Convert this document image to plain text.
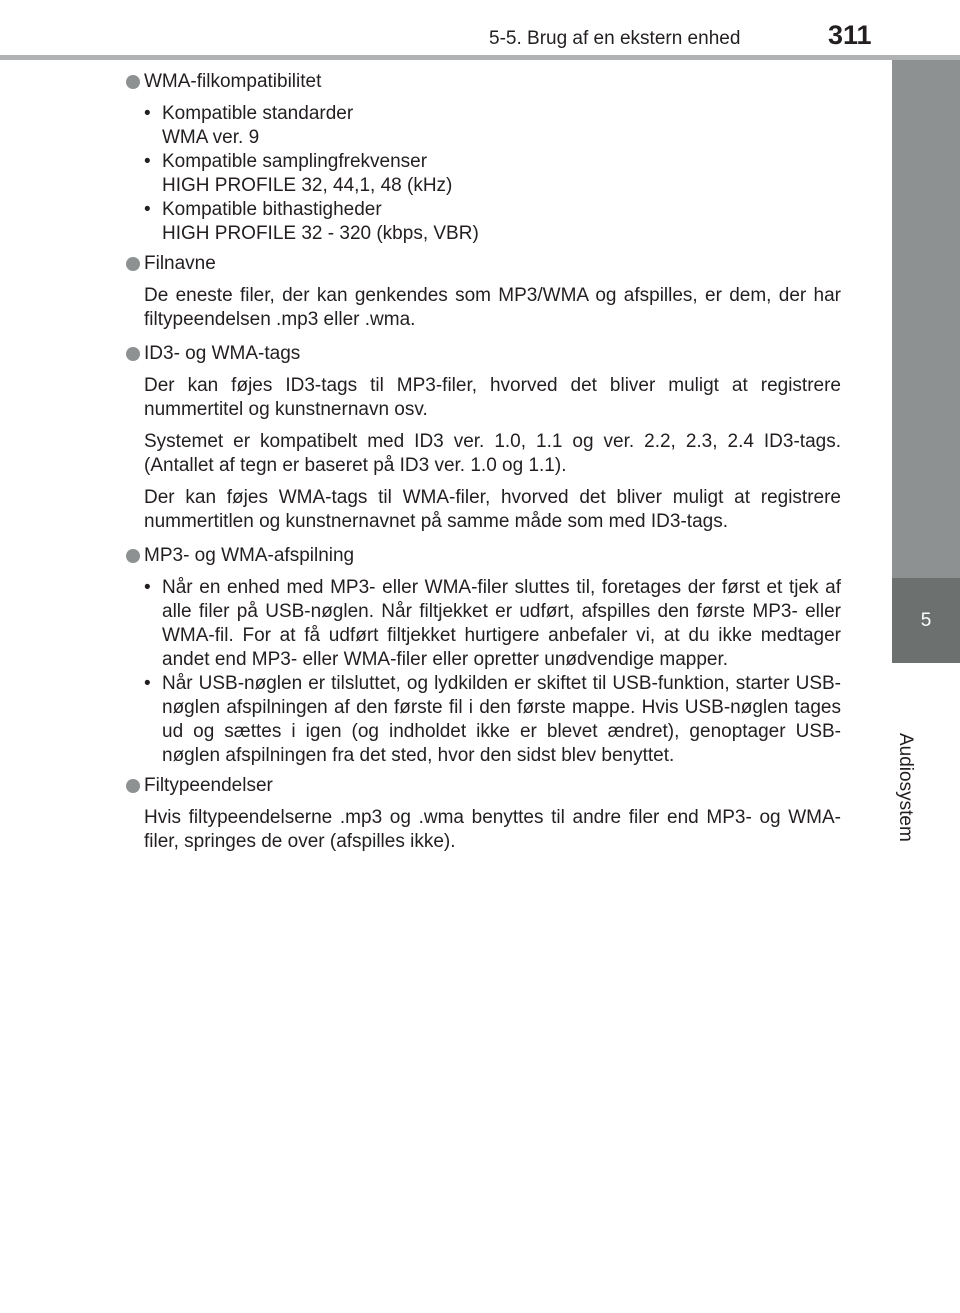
5-5. Brug af en ekstern enhed	311
5
Audiosystem
WMA-filkompatibilitet
• Kompatible standarder
WMA ver. 9
• Kompatible samplingfrekvenser
HIGH PROFILE 32, 44,1, 48 (kHz)
• Kompatible bithastigheder
HIGH PROFILE 32 - 320 (kbps, VBR)
Filnavne

De eneste filer, der kan genkendes som MP3/WMA og afspilles, er dem, der har filtypeendelsen .mp3 eller .wma.

ID3- og WMA-tags

Der kan føjes ID3-tags til MP3-filer, hvorved det bliver muligt at registrere nummertitel og kunstnernavn osv.

Systemet er kompatibelt med ID3 ver. 1.0, 1.1 og ver. 2.2, 2.3, 2.4 ID3-tags. (Antallet af tegn er baseret på ID3 ver. 1.0 og 1.1).

Der kan føjes WMA-tags til WMA-filer, hvorved det bliver muligt at registrere nummertitlen og kunstnernavnet på samme måde som med ID3-tags.

MP3- og WMA-afspilning
• Når en enhed med MP3- eller WMA-filer sluttes til, foretages der først et tjek af alle filer på USB-nøglen. Når filtjekket er udført, afspilles den første MP3- eller WMA-fil. For at få udført filtjekket hurtigere anbefaler vi, at du ikke medtager andet end MP3- eller WMA-filer eller opretter unødvendige mapper.
• Når USB-nøglen er tilsluttet, og lydkilden er skiftet til USB-funktion, starter USB-nøglen afspilningen af den første fil i den første mappe. Hvis USB-nøglen tages ud og sættes i igen (og indholdet ikke er blevet ændret), genoptager USB-nøglen afspilningen fra det sted, hvor den sidst blev benyttet.
Filtypeendelser

Hvis filtypeendelserne .mp3 og .wma benyttes til andre filer end MP3- og WMA-filer, springes de over (afspilles ikke).
